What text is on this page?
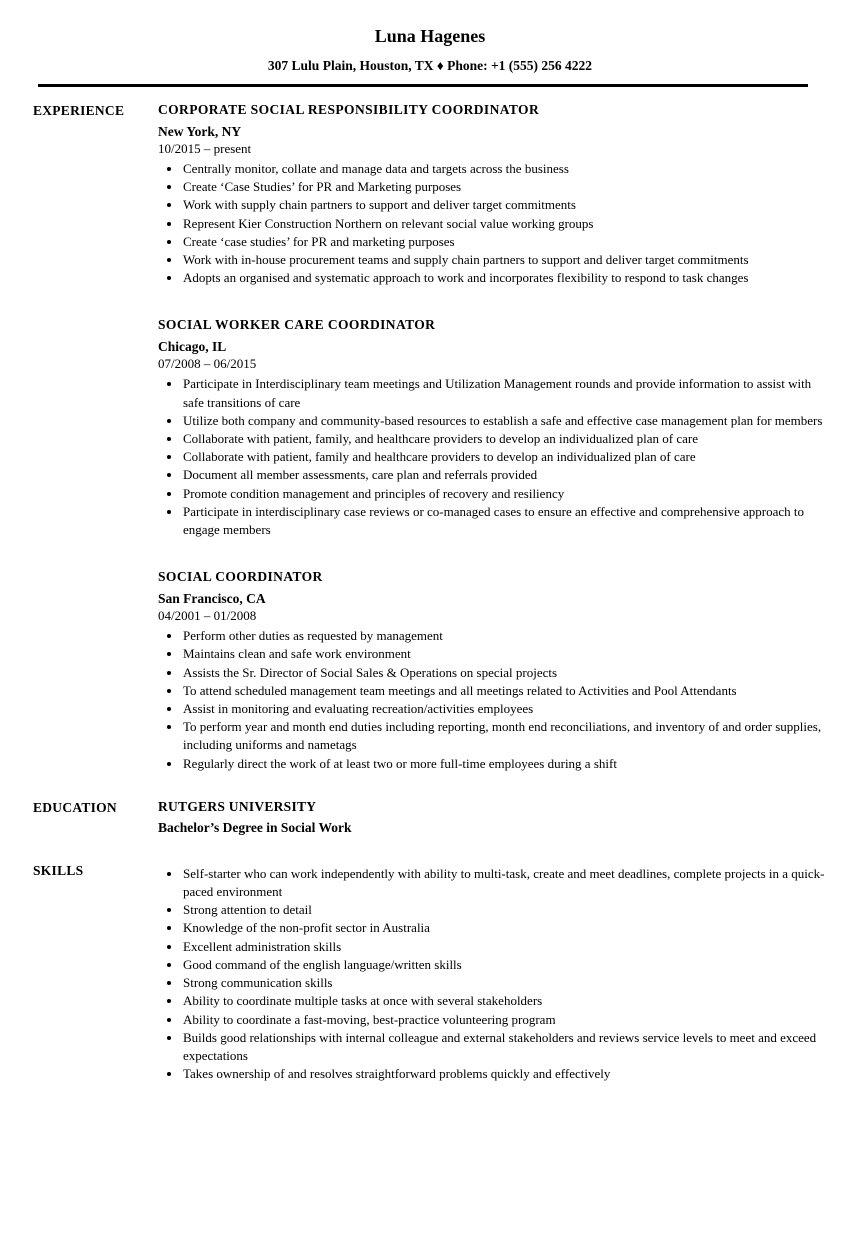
Luna Hagenes
307 Lulu Plain, Houston, TX ♦ Phone: +1 (555) 256 4222
EXPERIENCE	CORPORATE SOCIAL RESPONSIBILITY COORDINATOR
New York, NY
10/2015 – present
• Centrally monitor, collate and manage data and targets across the business
• Create ‘Case Studies’ for PR and Marketing purposes
• Work with supply chain partners to support and deliver target commitments
• Represent Kier Construction Northern on relevant social value working groups
• Create ‘case studies’ for PR and marketing purposes
• Work with in-house procurement teams and supply chain partners to support and deliver target commitments
• Adopts an organised and systematic approach to work and incorporates flexibility to respond to task changes
SOCIAL WORKER CARE COORDINATOR
Chicago, IL
07/2008 – 06/2015
• Participate in Interdisciplinary team meetings and Utilization Management rounds and provide information to assist with safe transitions of care
• Utilize both company and community-based resources to establish a safe and effective case management plan for members
• Collaborate with patient, family, and healthcare providers to develop an individualized plan of care
• Collaborate with patient, family and healthcare providers to develop an individualized plan of care
• Document all member assessments, care plan and referrals provided
• Promote condition management and principles of recovery and resiliency
• Participate in interdisciplinary case reviews or co-managed cases to ensure an effective and comprehensive approach to engage members
SOCIAL COORDINATOR
San Francisco, CA
04/2001 – 01/2008
• Perform other duties as requested by management
• Maintains clean and safe work environment
• Assists the Sr. Director of Social Sales & Operations on special projects
• To attend scheduled management team meetings and all meetings related to Activities and Pool Attendants
• Assist in monitoring and evaluating recreation/activities employees
• To perform year and month end duties including reporting, month end reconciliations, and inventory of and order supplies, including uniforms and nametags
• Regularly direct the work of at least two or more full-time employees during a shift
EDUCATION	RUTGERS UNIVERSITY
Bachelor’s Degree in Social Work
SKILLS	• Self-starter who can work independently with ability to multi-task, create and meet deadlines, complete projects in a quick-paced environment
• Strong attention to detail
• Knowledge of the non-profit sector in Australia
• Excellent administration skills
• Good command of the english language/written skills
• Strong communication skills
• Ability to coordinate multiple tasks at once with several stakeholders
• Ability to coordinate a fast-moving, best-practice volunteering program
• Builds good relationships with internal colleague and external stakeholders and reviews service levels to meet and exceed expectations
• Takes ownership of and resolves straightforward problems quickly and effectively
